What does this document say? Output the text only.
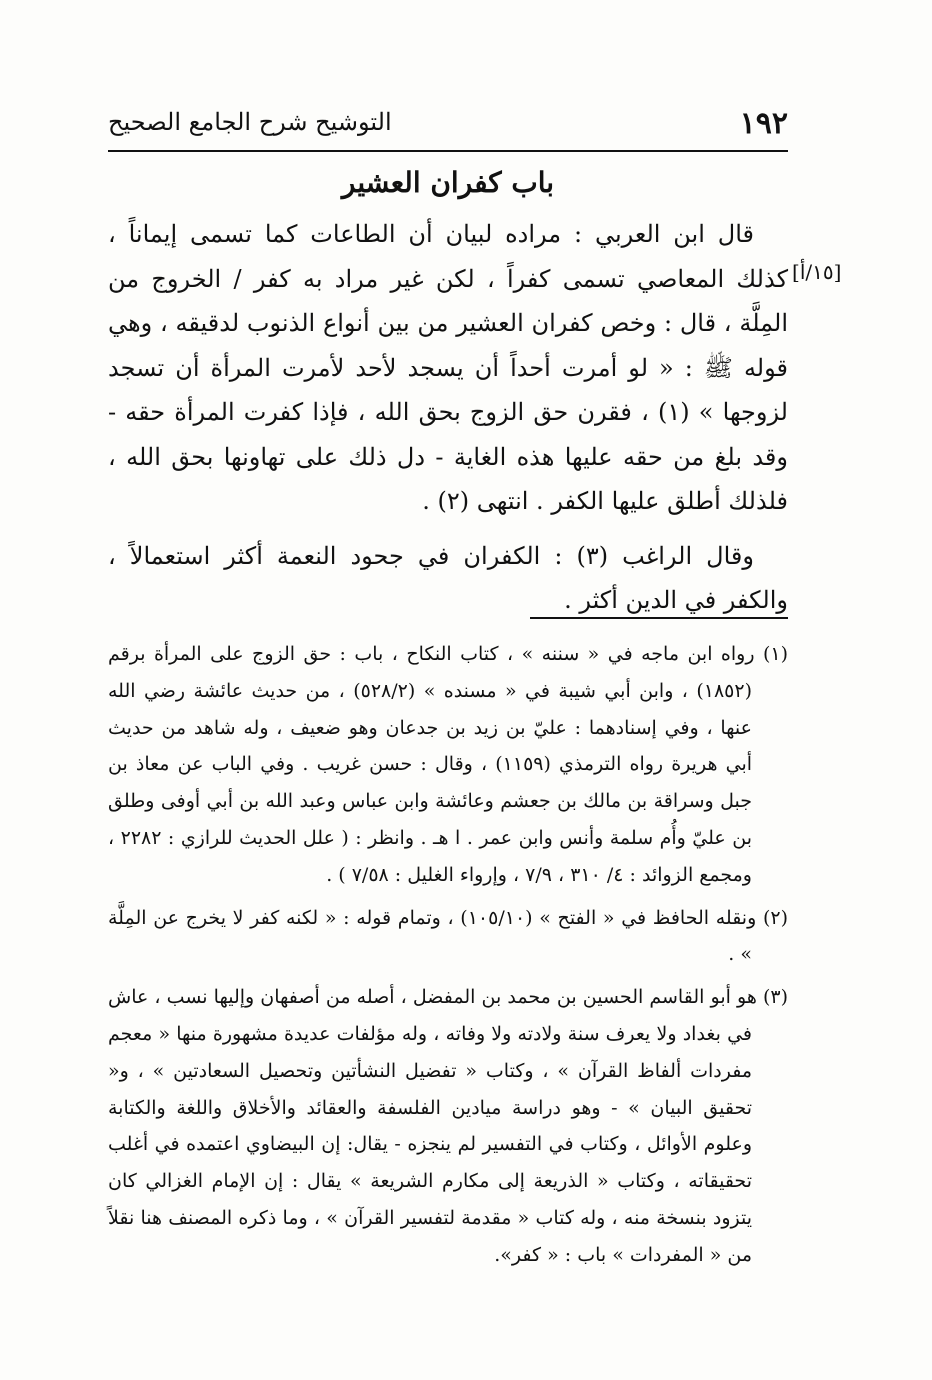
١٩٢
التوشيح شرح الجامع الصحيح
باب كفران العشير
[١٥/أ]

قال ابن العربي : مراده لبيان أن الطاعات كما تسمى إيماناً ، كذلك المعاصي تسمى كفراً ، لكن غير مراد به كفر / الخروج من المِلَّة ، قال : وخص كفران العشير من بين أنواع الذنوب لدقيقه ، وهي قوله ﷺ : « لو أمرت أحداً أن يسجد لأحد لأمرت المرأة أن تسجد لزوجها » (١) ، فقرن حق الزوج بحق الله ، فإذا كفرت المرأة حقه - وقد بلغ من حقه عليها هذه الغاية - دل ذلك على تهاونها بحق الله ، فلذلك أطلق عليها الكفر . انتهى (٢) .

وقال الراغب (٣) : الكفران في جحود النعمة أكثر استعمالاً ، والكفر في الدين أكثر .

(١) رواه ابن ماجه في « سننه » ، كتاب النكاح ، باب : حق الزوج على المرأة برقم (١٨٥٢) ، وابن أبي شيبة في « مسنده » (٥٢٨/٢) ، من حديث عائشة رضي الله عنها ، وفي إسنادهما : عليّ بن زيد بن جدعان وهو ضعيف ، وله شاهد من حديث أبي هريرة رواه الترمذي (١١٥٩) ، وقال : حسن غريب . وفي الباب عن معاذ بن جبل وسراقة بن مالك بن جعشم وعائشة وابن عباس وعبد الله بن أبي أوفى وطلق بن عليّ وأُم سلمة وأنس وابن عمر . ا هـ . وانظر : ( علل الحديث للرازي : ٢٢٨٢ ، ومجمع الزوائد : ٤/ ٣١٠ ، ٧/٩ ، وإرواء الغليل : ٧/٥٨ ) .

(٢) ونقله الحافظ في « الفتح » (١٠٥/١٠) ، وتمام قوله : « لكنه كفر لا يخرج عن المِلَّة » .

(٣) هو أبو القاسم الحسين بن محمد بن المفضل ، أصله من أصفهان وإليها نسب ، عاش في بغداد ولا يعرف سنة ولادته ولا وفاته ، وله مؤلفات عديدة مشهورة منها « معجم مفردات ألفاظ القرآن » ، وكتاب « تفضيل النشأتين وتحصيل السعادتين » ، و« تحقيق البيان » - وهو دراسة ميادين الفلسفة والعقائد والأخلاق واللغة والكتابة وعلوم الأوائل ، وكتاب في التفسير لم ينجزه - يقال: إن البيضاوي اعتمده في أغلب تحقيقاته ، وكتاب « الذريعة إلى مكارم الشريعة » يقال : إن الإمام الغزالي كان يتزود بنسخة منه ، وله كتاب « مقدمة لتفسير القرآن » ، وما ذكره المصنف هنا نقلاً من « المفردات » باب : « كفر».
